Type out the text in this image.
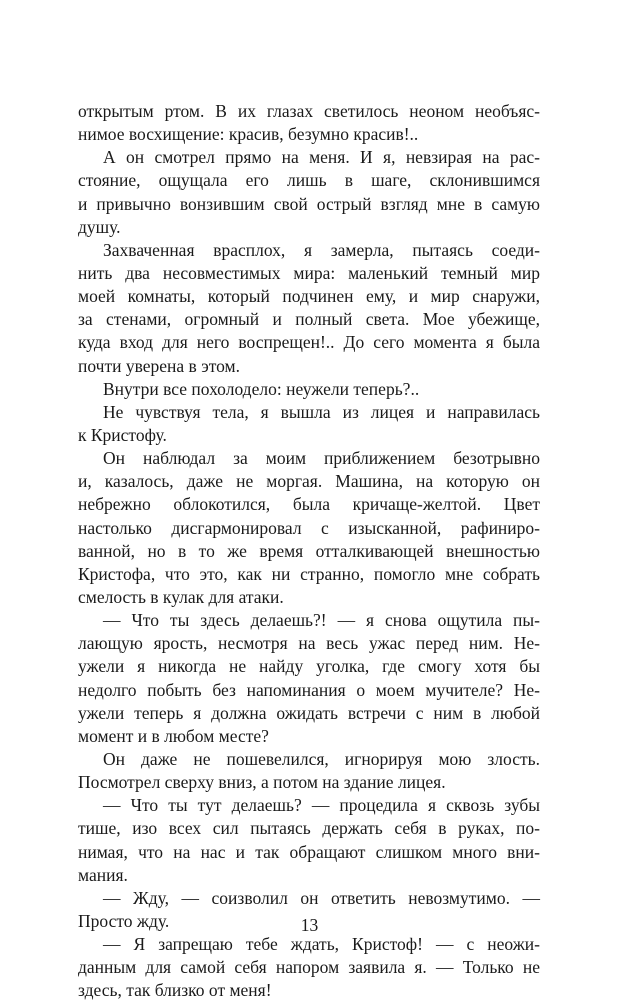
открытым ртом. В их глазах светилось неоном необъяс-
нимое восхищение: красив, безумно красив!..
А он смотрел прямо на меня. И я, невзирая на рас-
стояние, ощущала его лишь в шаге, склонившимся
и привычно вонзившим свой острый взгляд мне в самую
душу.
Захваченная врасплох, я замерла, пытаясь соеди-
нить два несовместимых мира: маленький темный мир
моей комнаты, который подчинен ему, и мир снаружи,
за стенами, огромный и полный света. Мое убежище,
куда вход для него воспрещен!.. До сего момента я была
почти уверена в этом.
Внутри все похолодело: неужели теперь?..
Не чувствуя тела, я вышла из лицея и направилась
к Кристофу.
Он наблюдал за моим приближением безотрывно
и, казалось, даже не моргая. Машина, на которую он
небрежно облокотился, была кричаще-желтой. Цвет
настолько дисгармонировал с изысканной, рафиниро-
ванной, но в то же время отталкивающей внешностью
Кристофа, что это, как ни странно, помогло мне собрать
смелость в кулак для атаки.
— Что ты здесь делаешь?! — я снова ощутила пы-
лающую ярость, несмотря на весь ужас перед ним. Не-
ужели я никогда не найду уголка, где смогу хотя бы
недолго побыть без напоминания о моем мучителе? Не-
ужели теперь я должна ожидать встречи с ним в любой
момент и в любом месте?
Он даже не пошевелился, игнорируя мою злость.
Посмотрел сверху вниз, а потом на здание лицея.
— Что ты тут делаешь? — процедила я сквозь зубы
тише, изо всех сил пытаясь держать себя в руках, по-
нимая, что на нас и так обращают слишком много вни-
мания.
— Жду, — соизволил он ответить невозмутимо. —
Просто жду.
— Я запрещаю тебе ждать, Кристоф! — с неожи-
данным для самой себя напором заявила я. — Только не
здесь, так близко от меня!
13
